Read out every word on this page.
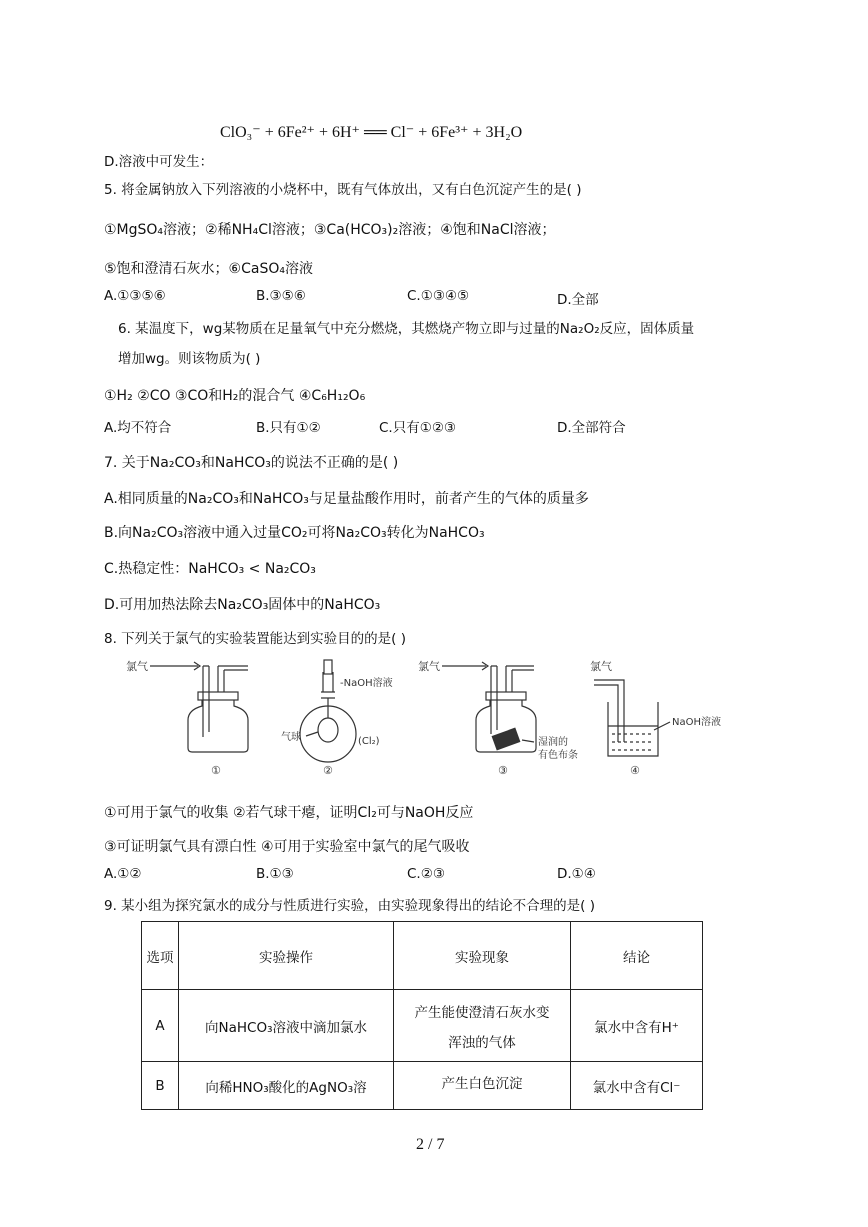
ClO₃⁻ + 6Fe²⁺ + 6H⁺ ══ Cl⁻ + 6Fe³⁺ + 3H₂O
D.溶液中可发生：
5. 将金属钠放入下列溶液的小烧杯中，既有气体放出，又有白色沉淀产生的是( )
①MgSO₄溶液；②稀NH₄Cl溶液；③Ca(HCO₃)₂溶液；④饱和NaCl溶液；
⑤饱和澄清石灰水；⑥CaSO₄溶液
A.①③⑤⑥	B.③⑤⑥	C.①③④⑤	D.全部
6. 某温度下，wg某物质在足量氧气中充分燃烧，其燃烧产物立即与过量的Na₂O₂反应，固体质量
增加wg。则该物质为( )
①H₂ ②CO ③CO和H₂的混合气 ④C₆H₁₂O₆
A.均不符合	B.只有①②	C.只有①②③	D.全部符合
7. 关于Na₂CO₃和NaHCO₃的说法不正确的是( )
A.相同质量的Na₂CO₃和NaHCO₃与足量盐酸作用时，前者产生的气体的质量多
B.向Na₂CO₃溶液中通入过量CO₂可将Na₂CO₃转化为NaHCO₃
C.热稳定性：NaHCO₃ < Na₂CO₃
D.可用加热法除去Na₂CO₃固体中的NaHCO₃
8. 下列关于氯气的实验装置能达到实验目的的是( )
氯气
①
-NaOH溶液
气球	(Cl₂)
②
氯气
湿润的
有色布条
③
氯气
NaOH溶液
④
①可用于氯气的收集 ②若气球干瘪，证明Cl₂可与NaOH反应
③可证明氯气具有漂白性 ④可用于实验室中氯气的尾气吸收
A.①②	B.①③	C.②③	D.①④
9. 某小组为探究氯水的成分与性质进行实验，由实验现象得出的结论不合理的是( )
选项	实验操作	实验现象	结论
A	向NaHCO₃溶液中滴加氯水	产生能使澄清石灰水变
浑浊的气体	氯水中含有H⁺
B	向稀HNO₃酸化的AgNO₃溶	产生白色沉淀	氯水中含有Cl⁻
2 / 7
